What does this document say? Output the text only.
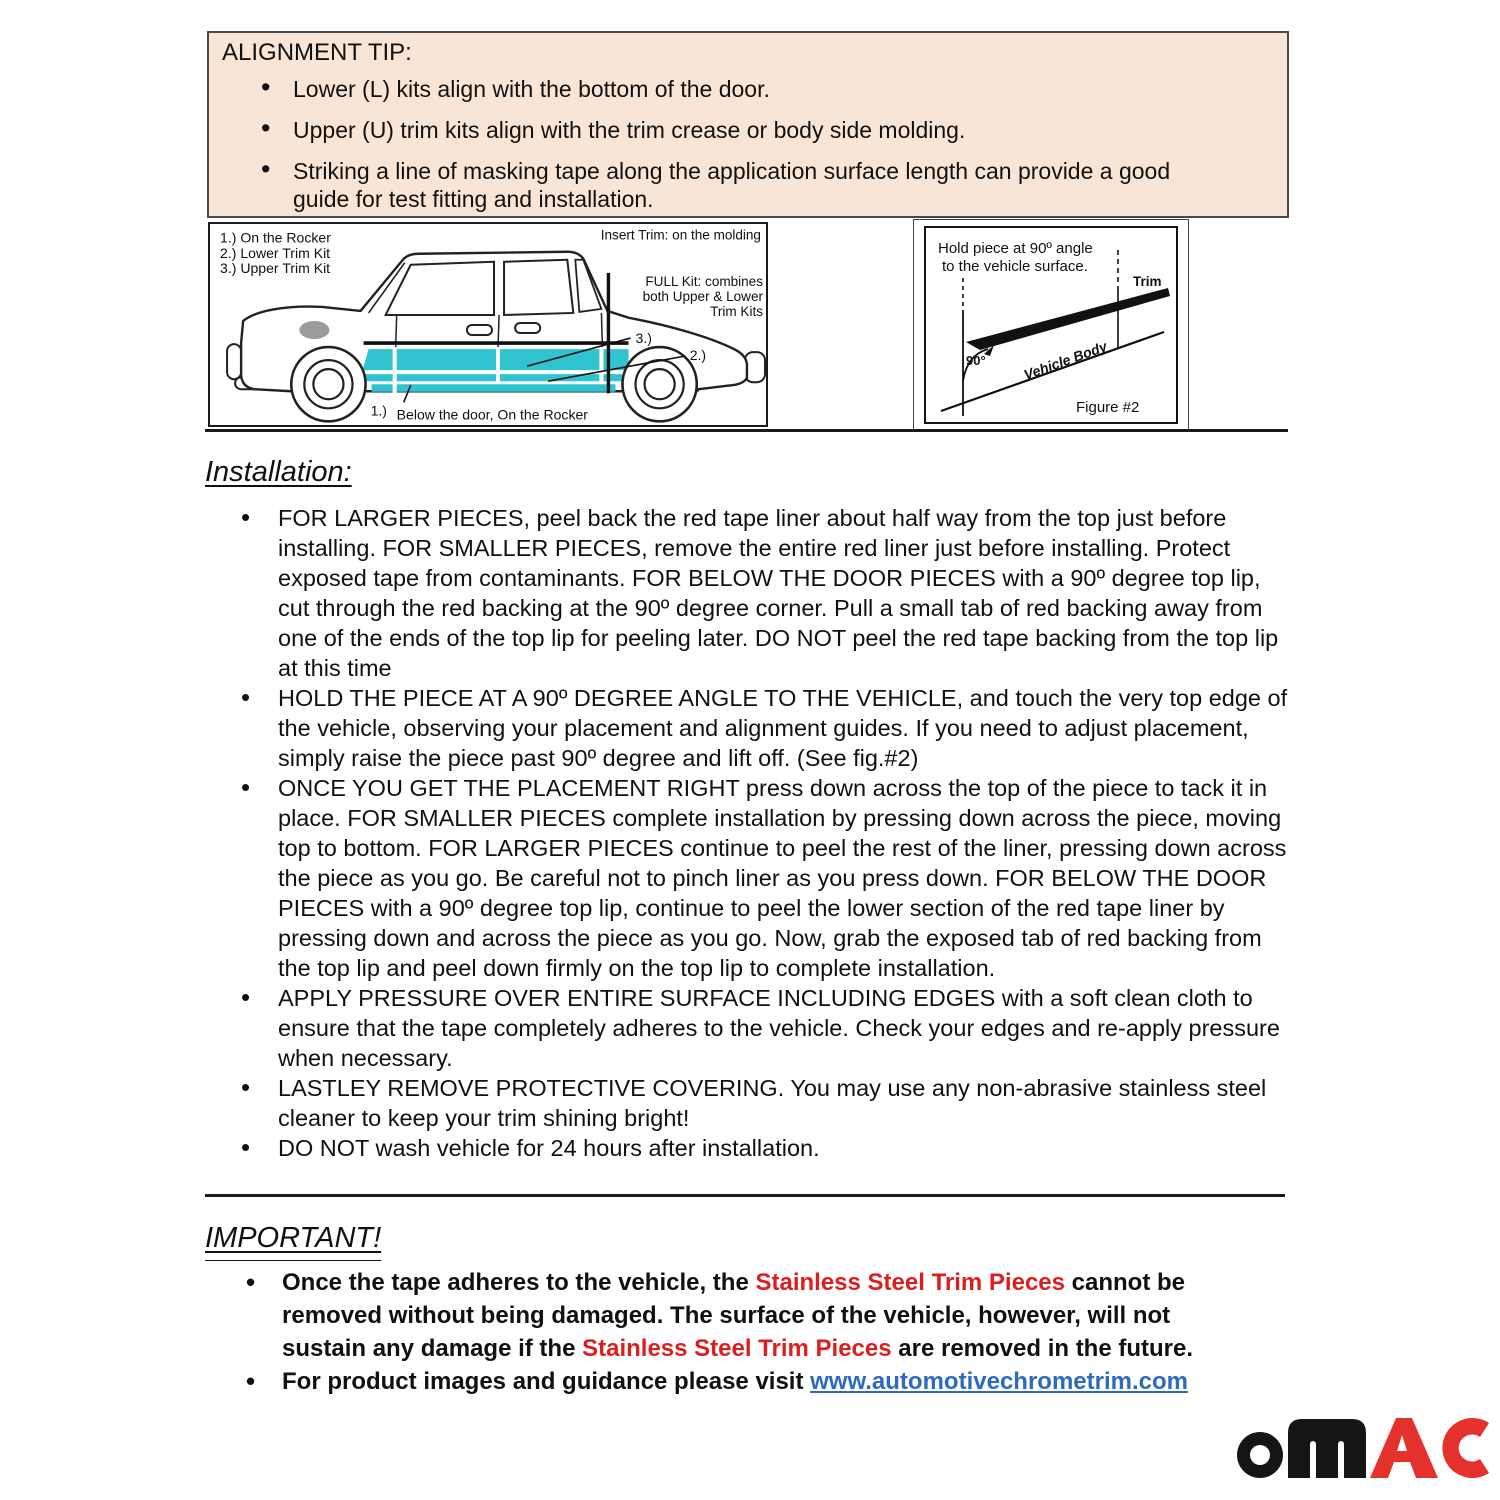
ALIGNMENT TIP:
• Lower (L) kits align with the bottom of the door.
• Upper (U) trim kits align with the trim crease or body side molding.
• Striking a line of masking tape along the application surface length can provide a good guide for test fitting and installation.
1.) On the Rocker
2.) Lower Trim Kit
3.) Upper Trim Kit
Insert Trim: on the molding
FULL Kit: combines
both Upper & Lower
Trim Kits
3.)
2.)
1.) Below the door, On the Rocker
Hold piece at 90º angle
to the vehicle surface.
90°
Trim
Vehicle Body
Figure #2
Installation:
• FOR LARGER PIECES, peel back the red tape liner about half way from the top just before installing. FOR SMALLER PIECES, remove the entire red liner just before installing. Protect exposed tape from contaminants. FOR BELOW THE DOOR PIECES with a 90º degree top lip, cut through the red backing at the 90º degree corner. Pull a small tab of red backing away from one of the ends of the top lip for peeling later. DO NOT peel the red tape backing from the top lip at this time
• HOLD THE PIECE AT A 90º DEGREE ANGLE TO THE VEHICLE, and touch the very top edge of the vehicle, observing your placement and alignment guides. If you need to adjust placement, simply raise the piece past 90º degree and lift off. (See fig.#2)
• ONCE YOU GET THE PLACEMENT RIGHT press down across the top of the piece to tack it in place. FOR SMALLER PIECES complete installation by pressing down across the piece, moving top to bottom. FOR LARGER PIECES continue to peel the rest of the liner, pressing down across the piece as you go. Be careful not to pinch liner as you press down. FOR BELOW THE DOOR PIECES with a 90º degree top lip, continue to peel the lower section of the red tape liner by pressing down and across the piece as you go. Now, grab the exposed tab of red backing from the top lip and peel down firmly on the top lip to complete installation.
• APPLY PRESSURE OVER ENTIRE SURFACE INCLUDING EDGES with a soft clean cloth to ensure that the tape completely adheres to the vehicle. Check your edges and re-apply pressure when necessary.
• LASTLEY REMOVE PROTECTIVE COVERING. You may use any non-abrasive stainless steel cleaner to keep your trim shining bright!
• DO NOT wash vehicle for 24 hours after installation.
IMPORTANT!
• Once the tape adheres to the vehicle, the Stainless Steel Trim Pieces cannot be removed without being damaged. The surface of the vehicle, however, will not sustain any damage if the Stainless Steel Trim Pieces are removed in the future.
• For product images and guidance please visit www.automotivechrometrim.com
